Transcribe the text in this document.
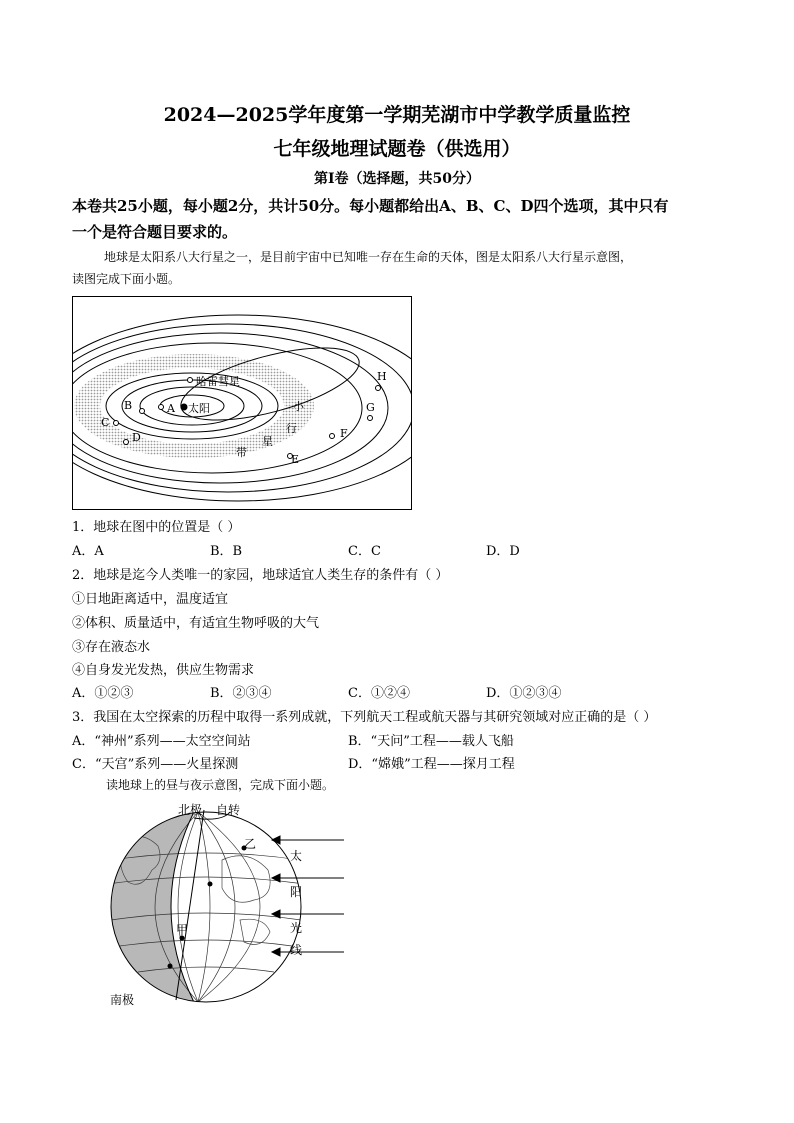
2024—2025学年度第一学期芜湖市中学教学质量监控
七年级地理试题卷（供选用）
第Ⅰ卷（选择题，共50分）
本卷共25小题，每小题2分，共计50分。每小题都给出A、B、C、D四个选项，其中只有
一个是符合题目要求的。
地球是太阳系八大行星之一，是目前宇宙中已知唯一存在生命的天体，图是太阳系八大行星示意图，
读图完成下面小题。
太阳
A
B
C
D
E
F
G
H
哈雷彗星
小
行
星
带
1．地球在图中的位置是（ ）
A．A	B．B	C．C	D．D
2．地球是迄今人类唯一的家园，地球适宜人类生存的条件有（ ）
①日地距离适中，温度适宜
②体积、质量适中，有适宜生物呼吸的大气
③存在液态水
④自身发光发热，供应生物需求
A．①②③	B．②③④	C．①②④	D．①②③④
3．我国在太空探索的历程中取得一系列成就，下列航天工程或航天器与其研究领域对应正确的是（ ）
A．“神州”系列——太空空间站	B．“天问”工程——载人飞船
C．“天宫”系列——火星探测	D．“嫦娥”工程——探月工程
读地球上的昼与夜示意图，完成下面小题。
北极 自转
南极
乙
甲
太
阳
光
线
